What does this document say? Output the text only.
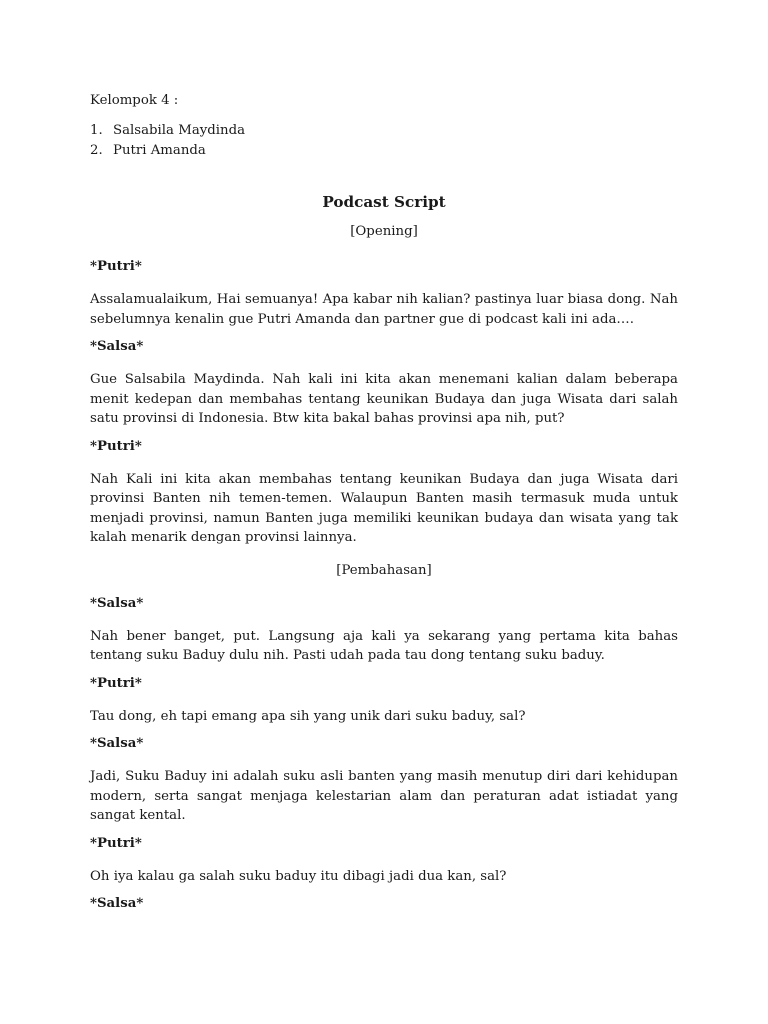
Kelompok 4 :

1. Salsabila Maydinda
2. Putri Amanda
Podcast Script

[Opening]

*Putri*

Assalamualaikum, Hai semuanya! Apa kabar nih kalian? pastinya luar biasa dong. Nah sebelumnya kenalin gue Putri Amanda dan partner gue di podcast kali ini ada….

*Salsa*

Gue Salsabila Maydinda. Nah kali ini kita akan menemani kalian dalam beberapa menit kedepan dan membahas tentang keunikan Budaya dan juga Wisata dari salah satu provinsi di Indonesia. Btw kita bakal bahas provinsi apa nih, put?

*Putri*

Nah Kali ini kita akan membahas tentang keunikan Budaya dan juga Wisata dari provinsi Banten nih temen-temen. Walaupun Banten masih termasuk muda untuk menjadi provinsi, namun Banten juga memiliki keunikan budaya dan wisata yang tak kalah menarik dengan provinsi lainnya.

[Pembahasan]

*Salsa*

Nah bener banget, put. Langsung aja kali ya sekarang yang pertama kita bahas tentang suku Baduy dulu nih. Pasti udah pada tau dong tentang suku baduy.

*Putri*

Tau dong, eh tapi emang apa sih yang unik dari suku baduy, sal?

*Salsa*

Jadi, Suku Baduy ini adalah suku asli banten yang masih menutup diri dari kehidupan modern, serta sangat menjaga kelestarian alam dan peraturan adat istiadat yang sangat kental.

*Putri*

Oh iya kalau ga salah suku baduy itu dibagi jadi dua kan, sal?

*Salsa*
